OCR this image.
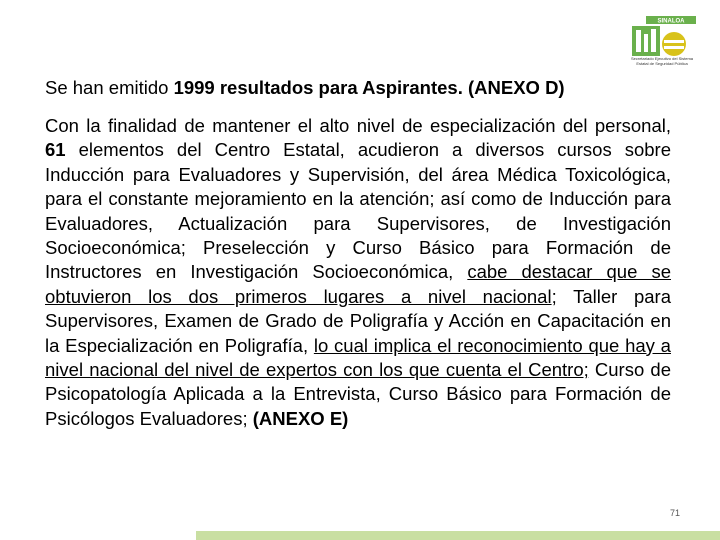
SINALOA
Secretariado Ejecutivo del Sistema
Estatal de Seguridad Pública
Se han emitido 1999 resultados para Aspirantes. (ANEXO D)
Con la finalidad de mantener el alto nivel de especialización del personal, 61 elementos del Centro Estatal, acudieron a diversos cursos sobre Inducción para Evaluadores y Supervisión, del área Médica Toxicológica, para el constante mejoramiento en la atención; así como de Inducción para Evaluadores, Actualización para Supervisores, de Investigación Socioeconómica; Preselección y Curso Básico para Formación de Instructores en Investigación Socioeconómica, cabe destacar que se obtuvieron los dos primeros lugares a nivel nacional; Taller para Supervisores, Examen de Grado de Poligrafía y Acción en Capacitación en la Especialización en Poligrafía, lo cual implica el reconocimiento que hay a nivel nacional del nivel de expertos con los que cuenta el Centro; Curso de Psicopatología Aplicada a la Entrevista, Curso Básico para Formación de Psicólogos Evaluadores; (ANEXO E)
71
